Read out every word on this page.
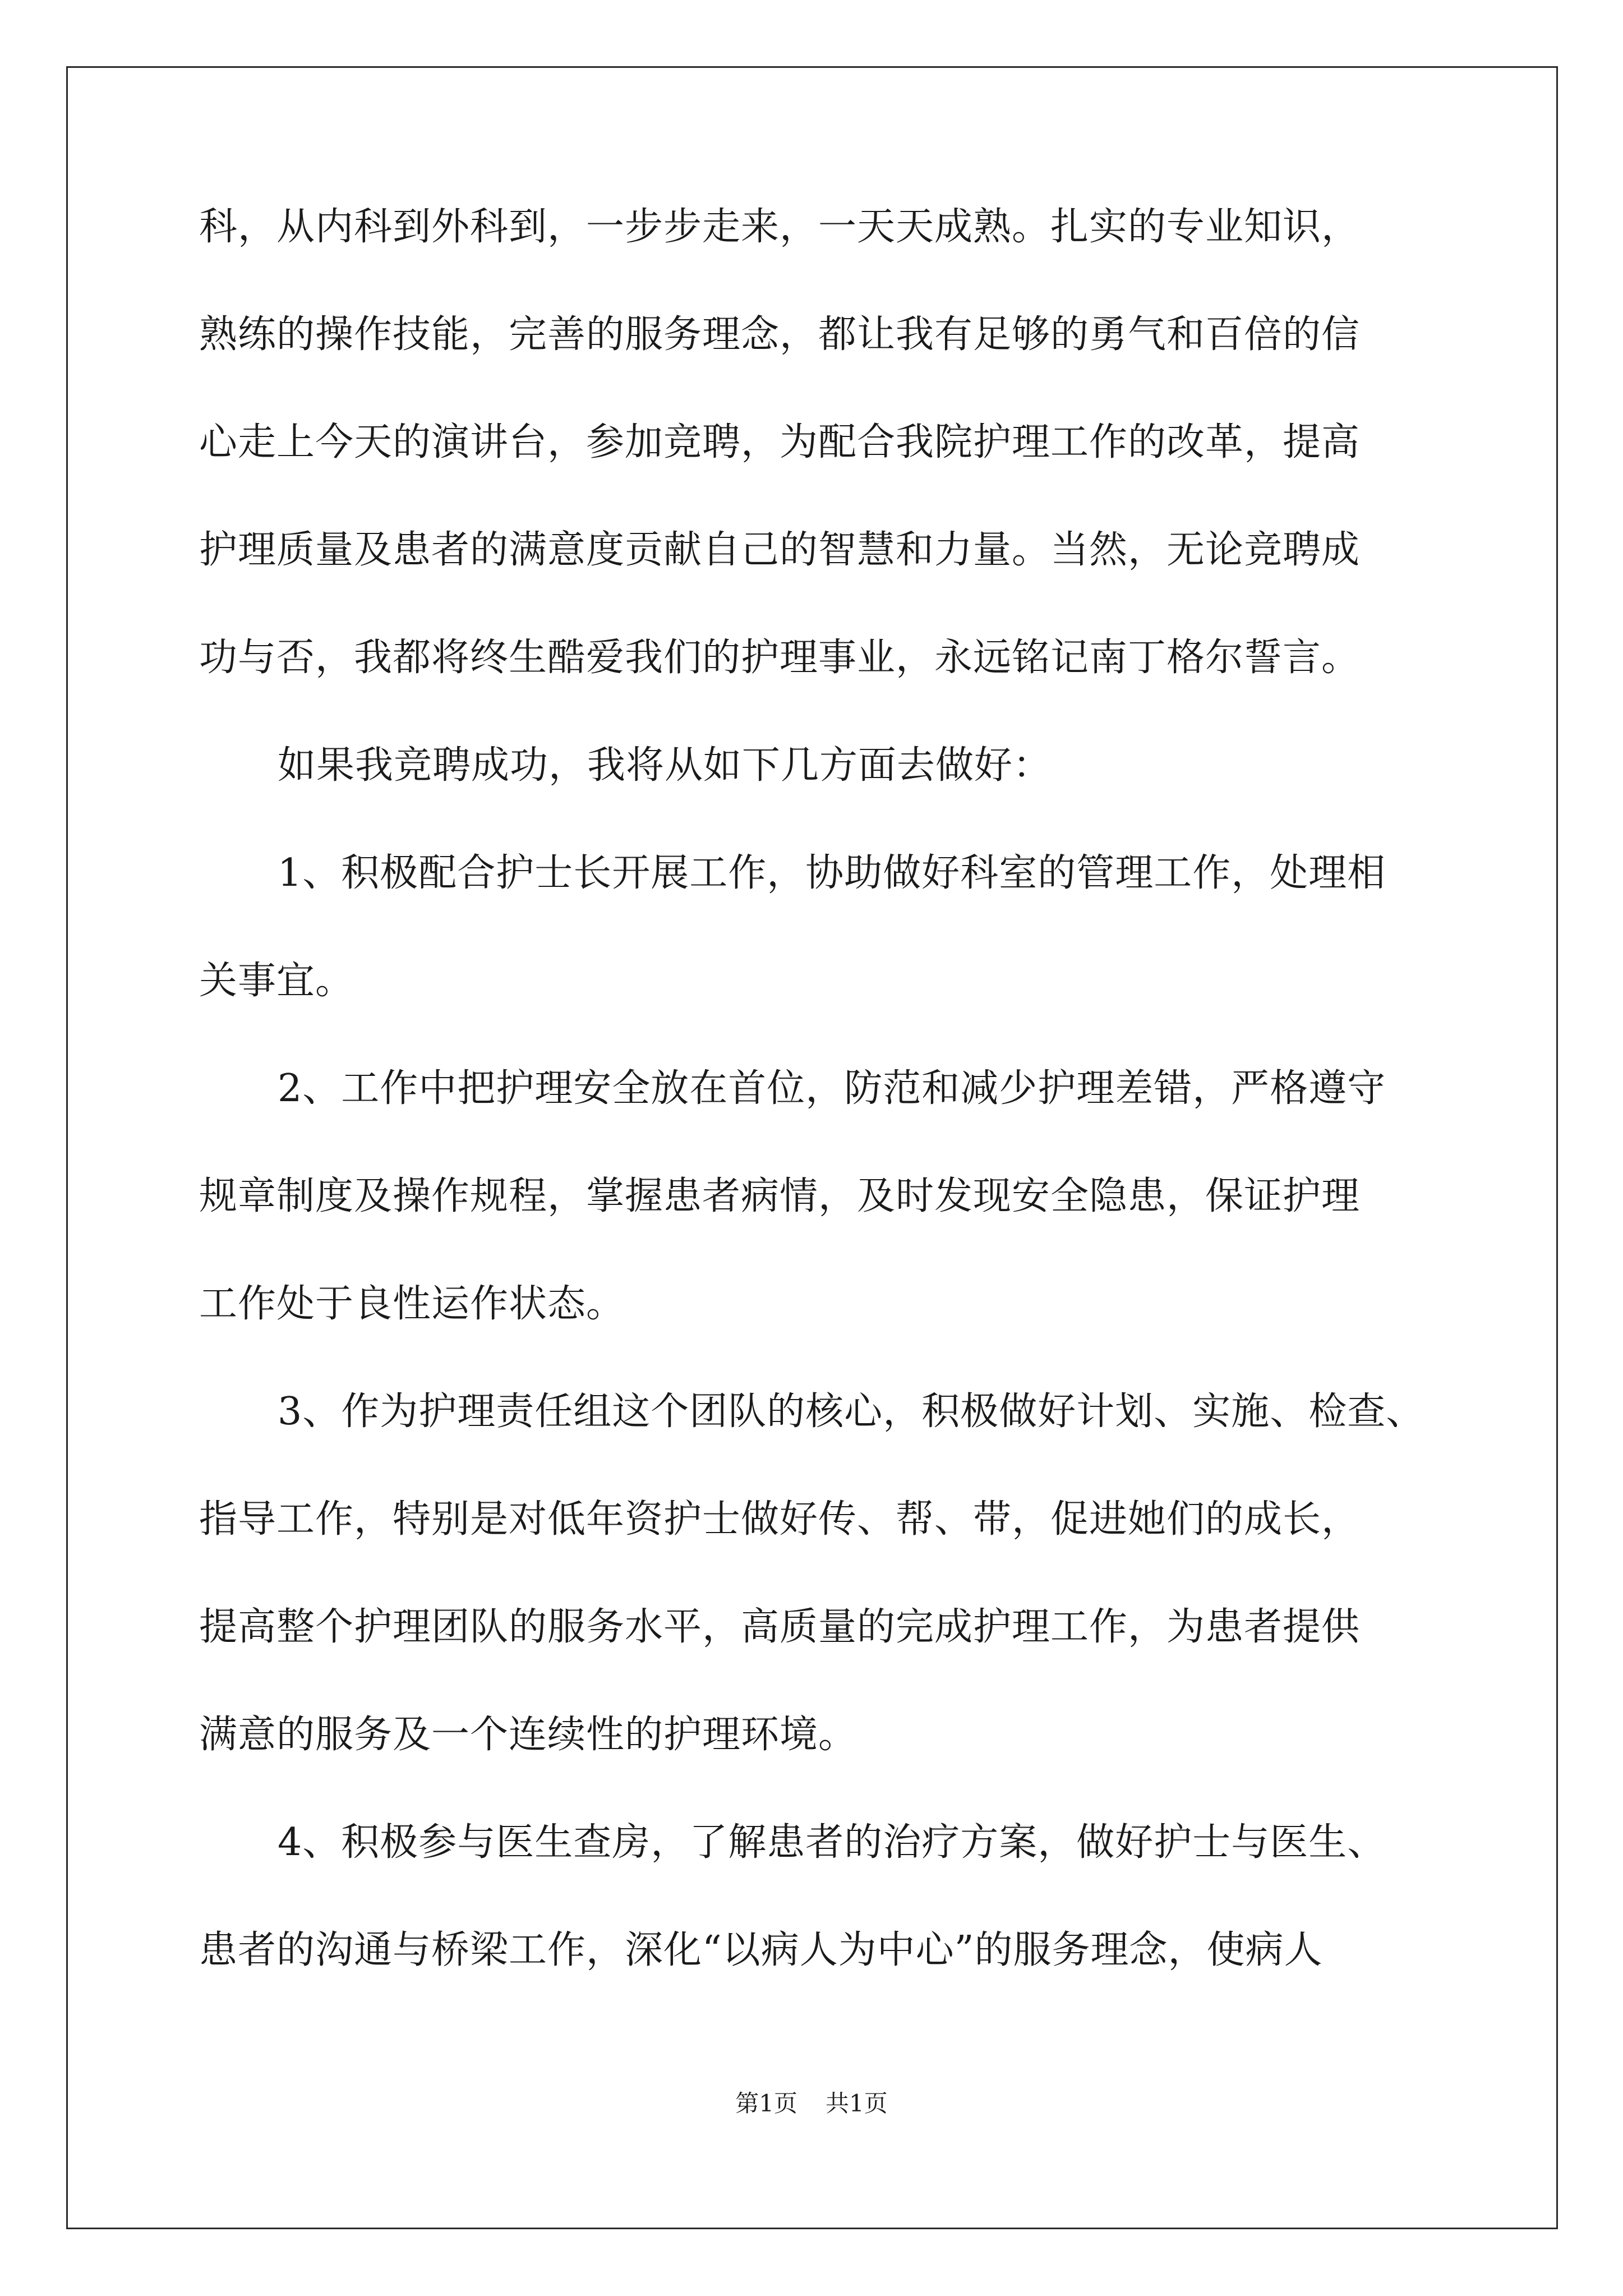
科，从内科到外科到，一步步走来，一天天成熟。扎实的专业知识，
熟练的操作技能，完善的服务理念，都让我有足够的勇气和百倍的信
心走上今天的演讲台，参加竞聘，为配合我院护理工作的改革，提高
护理质量及患者的满意度贡献自己的智慧和力量。当然，无论竞聘成
功与否，我都将终生酷爱我们的护理事业，永远铭记南丁格尔誓言。
如果我竞聘成功，我将从如下几方面去做好：
1、积极配合护士长开展工作，协助做好科室的管理工作，处理相
关事宜。
2、工作中把护理安全放在首位，防范和减少护理差错，严格遵守
规章制度及操作规程，掌握患者病情，及时发现安全隐患，保证护理
工作处于良性运作状态。
3、作为护理责任组这个团队的核心，积极做好计划、实施、检查、
指导工作，特别是对低年资护士做好传、帮、带，促进她们的成长，
提高整个护理团队的服务水平，高质量的完成护理工作，为患者提供
满意的服务及一个连续性的护理环境。
4、积极参与医生查房，了解患者的治疗方案，做好护士与医生、
患者的沟通与桥梁工作，深化“以病人为中心”的服务理念，使病人
第1页 共1页
